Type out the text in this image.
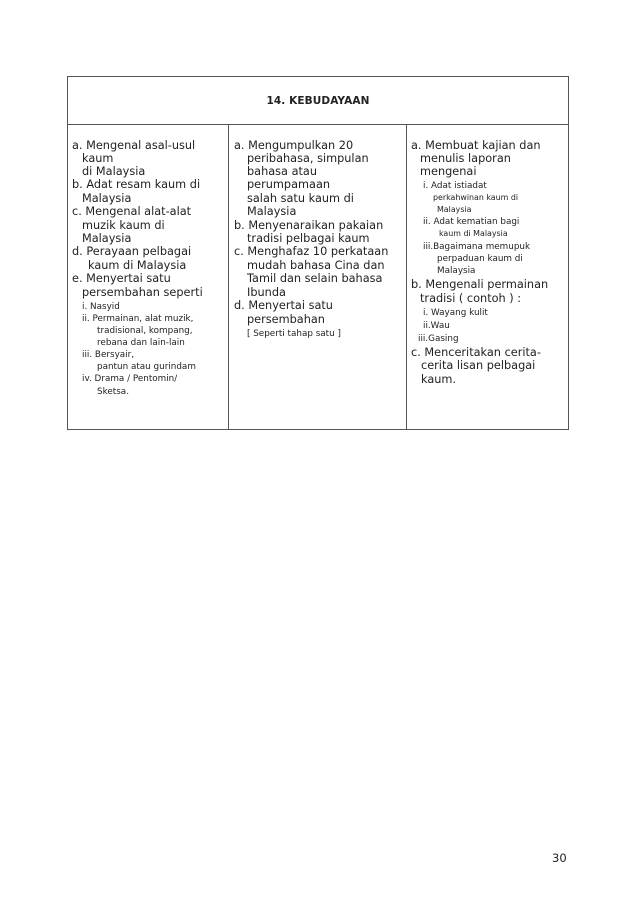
14. KEBUDAYAAN
a. Mengenal asal-usul
kaum
di Malaysia
b. Adat resam kaum di
Malaysia
c. Mengenal alat-alat
muzik kaum di
Malaysia
d. Perayaan pelbagai
kaum di Malaysia
e. Menyertai satu
persembahan seperti
i. Nasyid
ii. Permainan, alat muzik,
tradisional, kompang,
rebana dan lain-lain
iii. Bersyair,
pantun atau gurindam
iv. Drama / Pentomin/
Sketsa.
a. Mengumpulkan 20
peribahasa, simpulan
bahasa atau
perumpamaan
salah satu kaum di
Malaysia
b. Menyenaraikan pakaian
tradisi pelbagai kaum
c. Menghafaz 10 perkataan
mudah bahasa Cina dan
Tamil dan selain bahasa
Ibunda
d. Menyertai satu
persembahan
[ Seperti tahap satu ]
a. Membuat kajian dan
menulis laporan
mengenai
i. Adat istiadat
perkahwinan kaum di
Malaysia
ii. Adat kematian bagi
kaum di Malaysia
iii.Bagaimana memupuk
perpaduan kaum di
Malaysia
b. Mengenali permainan
tradisi ( contoh ) :
i. Wayang kulit
ii.Wau
iii.Gasing
c. Menceritakan cerita-
cerita lisan pelbagai
kaum.
30
